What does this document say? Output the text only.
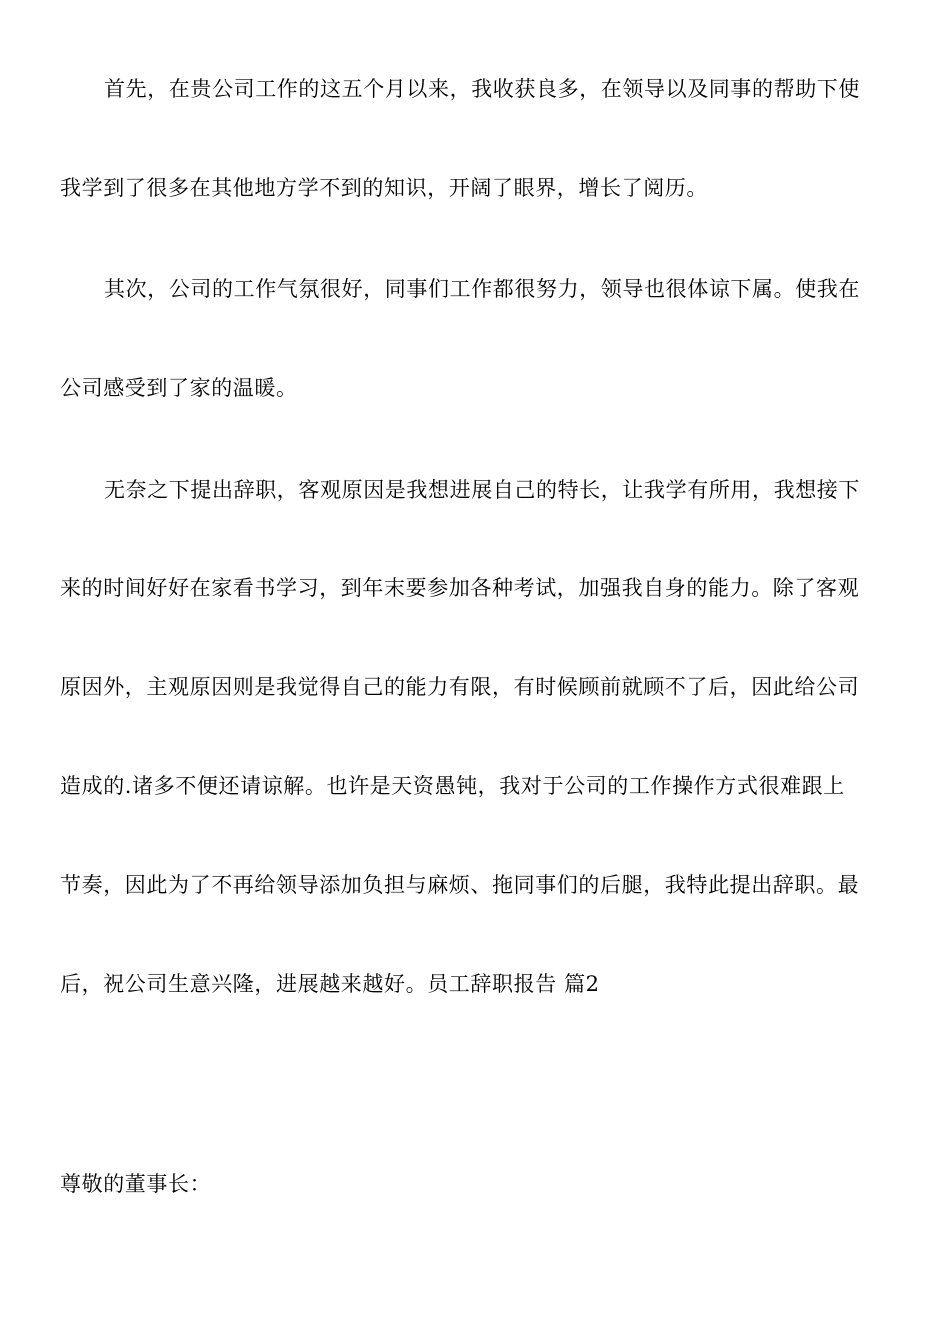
首先，在贵公司工作的这五个月以来，我收获良多，在领导以及同事的帮助下使
我学到了很多在其他地方学不到的知识，开阔了眼界，增长了阅历。
其次，公司的工作气氛很好，同事们工作都很努力，领导也很体谅下属。使我在
公司感受到了家的温暖。
无奈之下提出辞职，客观原因是我想进展自己的特长，让我学有所用，我想接下
来的时间好好在家看书学习，到年末要参加各种考试，加强我自身的能力。除了客观
原因外，主观原因则是我觉得自己的能力有限，有时候顾前就顾不了后，因此给公司
造成的.诸多不便还请谅解。也许是天资愚钝，我对于公司的工作操作方式很难跟上
节奏，因此为了不再给领导添加负担与麻烦、拖同事们的后腿，我特此提出辞职。最
后，祝公司生意兴隆，进展越来越好。员工辞职报告 篇2
尊敬的董事长：
